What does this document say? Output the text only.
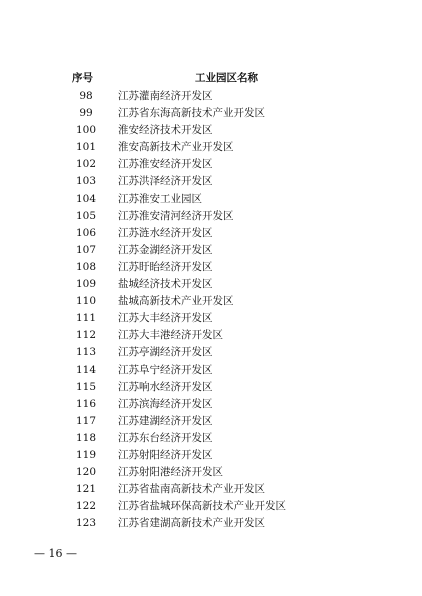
序号	工业园区名称
98	江苏灌南经济开发区
99	江苏省东海高新技术产业开发区
100	淮安经济技术开发区
101	淮安高新技术产业开发区
102	江苏淮安经济开发区
103	江苏洪泽经济开发区
104	江苏淮安工业园区
105	江苏淮安清河经济开发区
106	江苏涟水经济开发区
107	江苏金湖经济开发区
108	江苏盱眙经济开发区
109	盐城经济技术开发区
110	盐城高新技术产业开发区
111	江苏大丰经济开发区
112	江苏大丰港经济开发区
113	江苏亭湖经济开发区
114	江苏阜宁经济开发区
115	江苏响水经济开发区
116	江苏滨海经济开发区
117	江苏建湖经济开发区
118	江苏东台经济开发区
119	江苏射阳经济开发区
120	江苏射阳港经济开发区
121	江苏省盐南高新技术产业开发区
122	江苏省盐城环保高新技术产业开发区
123	江苏省建湖高新技术产业开发区
— 16 —
